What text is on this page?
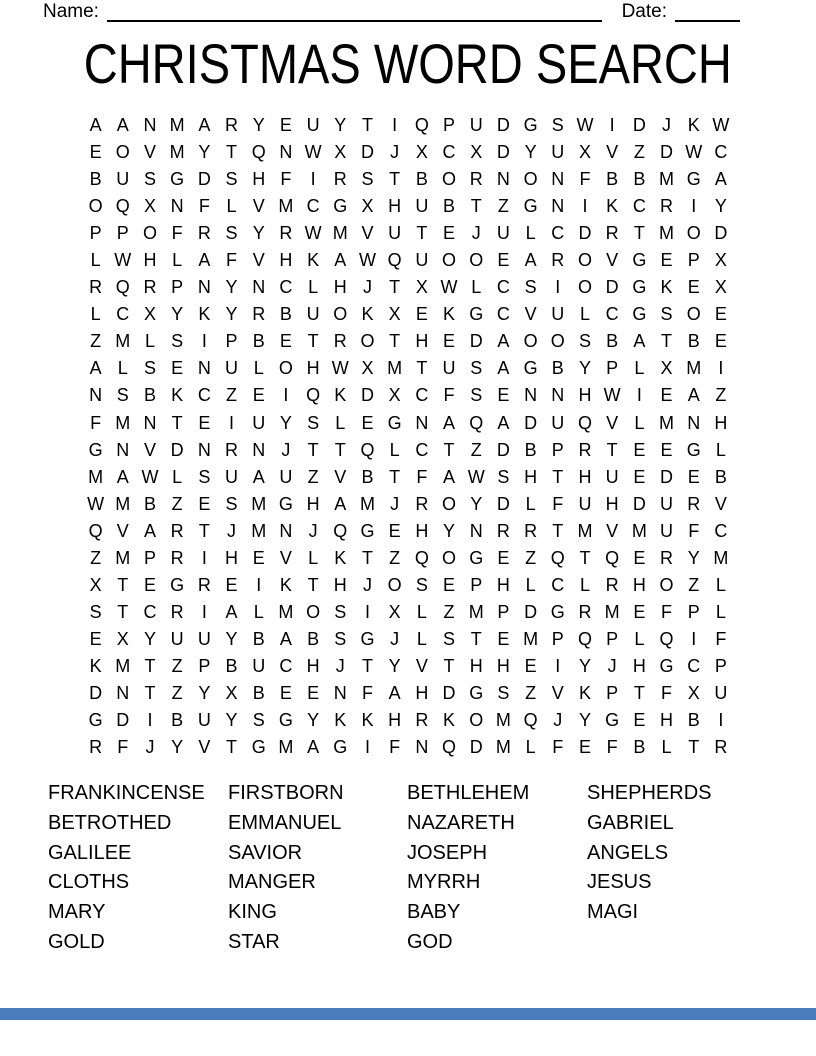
Name:	Date:
CHRISTMAS WORD SEARCH
A A N M A R Y E U Y T	I Q P U D G S W I	D J K W
E O V M Y T Q N W X D J X C X D Y U X V Z D W C
B U S G D S H F	I	R S T B O R N O N F B B M G A
O Q X N F L V M C G X H U B T Z G N	I	K C R	I	Y
P P O F R S Y R W M V U T E J U L C D R T M O D
L W H L A F V H K A W Q U O O E A R O V G E P X
R Q R P N Y N C L H J T X W L C S	I O D G K E X
L C X Y K Y R B U O K X E K G C V U L C G S O E
Z M L S	I	P B E T R O T H E D A O O S B A T B E
A L S E N U L O H W X M T U S A G B Y P L X M I
N S B K C Z E	I Q K D X C F S E N N H W I	E A Z
F M N T E	I	U Y S L E G N A Q A D U Q V L M N H
G N V D N R N J T T Q L C T Z D B P R T E E G L
M A W L S U A U Z V B T F A W S H T H U E D E B
W M B Z E S M G H A M J R O Y D L F U H D U R V
Q V A R T J M N J Q G E H Y N R R T M V M U F C
Z M P R	I	H E V L K T Z Q O G E Z Q T Q E R Y M
X T E G R E	I	K T H J O S E P H L C L R H O Z L
S T C R	I	A L M O S	I	X L Z M P D G R M E F P L
E X Y U U Y B A B S G J L S T E M P Q P L Q I	F
K M T Z P B U C H J T Y V T H H E	I	Y J H G C P
D N T Z Y X B E E N F A H D G S Z V K P T F X U
G D	I	B U Y S G Y K K H R K O M Q J Y G E H B	I
R F J Y V T G M A G I	F N Q D M L F E F B L T R
FRANKINCENSE
BETROTHED
GALILEE
CLOTHS
MARY
GOLD
FIRSTBORN
EMMANUEL
SAVIOR
MANGER
KING
STAR
BETHLEHEM
NAZARETH
JOSEPH
MYRRH
BABY
GOD
SHEPHERDS
GABRIEL
ANGELS
JESUS
MAGI
